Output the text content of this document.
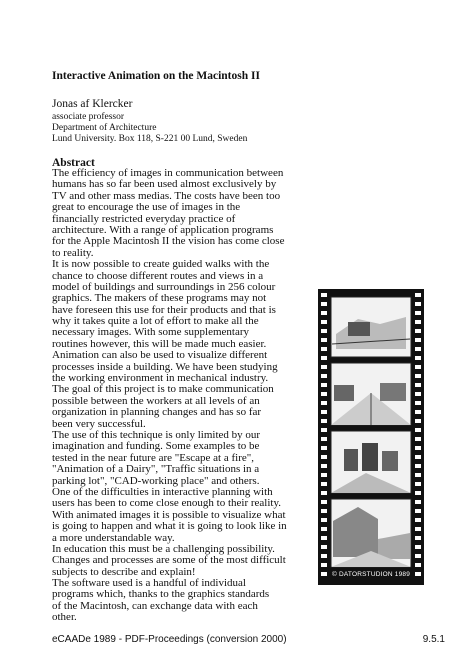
Interactive Animation on the Macintosh II
Jonas af Klercker
associate professor
Department of Architecture
Lund University. Box 118, S-221 00 Lund, Sweden
Abstract
The efficiency of images in communication between
humans has so far been used almost exclusively by
TV and other mass medias. The costs have been too
great to encourage the use of images in the
financially restricted everyday practice of
architecture. With a range of application programs
for the Apple Macintosh II the vision has come close
to reality.
It is now possible to create guided walks with the
chance to choose different routes and views in a
model of buildings and surroundings in 256 colour
graphics. The makers of these programs may not
have foreseen this use for their products and that is
why it takes quite a lot of effort to make all the
necessary images. With some supplementary
routines however, this will be made much easier.
Animation can also be used to visualize different
processes inside a building. We have been studying
the working environment in mechanical industry.
The goal of this project is to make communication
possible between the workers at all levels of an
organization in planning changes and has so far
been very successful.
The use of this technique is only limited by our
imagination and funding. Some examples to be
tested in the near future are "Escape at a fire",
"Animation of a Dairy", "Traffic situations in a
parking lot", "CAD-working place" and others.
One of the difficulties in interactive planning with
users has been to come close enough to their reality.
With animated images it is possible to visualize what
is going to happen and what it is going to look like in
a more understandable way.
In education this must be a challenging possibility.
Changes and processes are some of the most difficult
subjects to describe and explain!
The software used is a handful of individual
programs which, thanks to the graphics standards
of the Macintosh, can exchange data with each
other.
© DATORSTUDION 1989
eCAADe 1989 - PDF-Proceedings (conversion 2000)	9.5.1
